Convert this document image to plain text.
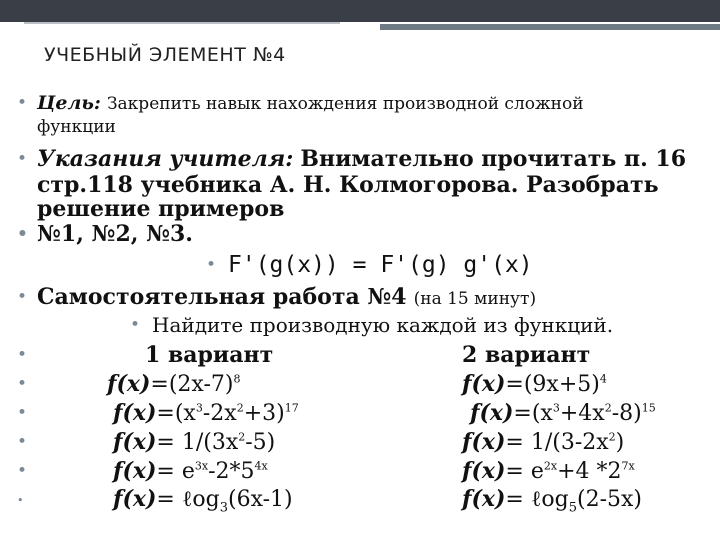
УЧЕБНЫЙ ЭЛЕМЕНТ №4
• Цель: Закрепить навык нахождения производной сложной
функции
• Указания учителя: Внимательно прочитать п. 16
стр.118 учебника А. Н. Колмогорова. Разобрать
решение примеров
• №1, №2, №3.
• F'(g(x)) = F'(g) g'(x)
• Самостоятельная работа №4 (на 15 минут)
• Найдите производную каждой из функций.
•	1 вариант	2 вариант
•	$f(x)=(2x-7)^8$	$f(x)=(9x+5)^4$
•	$f(x)=(x^3-2x^2+3)^{17}$	$f(x)=(x^3+4x^2-8)^{15}$
•	$f(x)= 1/(3x^2-5)$	$f(x)= 1/(3-2x^2)$
•	$f(x)= e^{3x}-2*5^{4x}$	$f(x)= e^{2x}+4$ $*2^{7x}$
•	f(x)= ℓog$_3$(6x-1)	f(x)= ℓog$_5$(2-5x)
